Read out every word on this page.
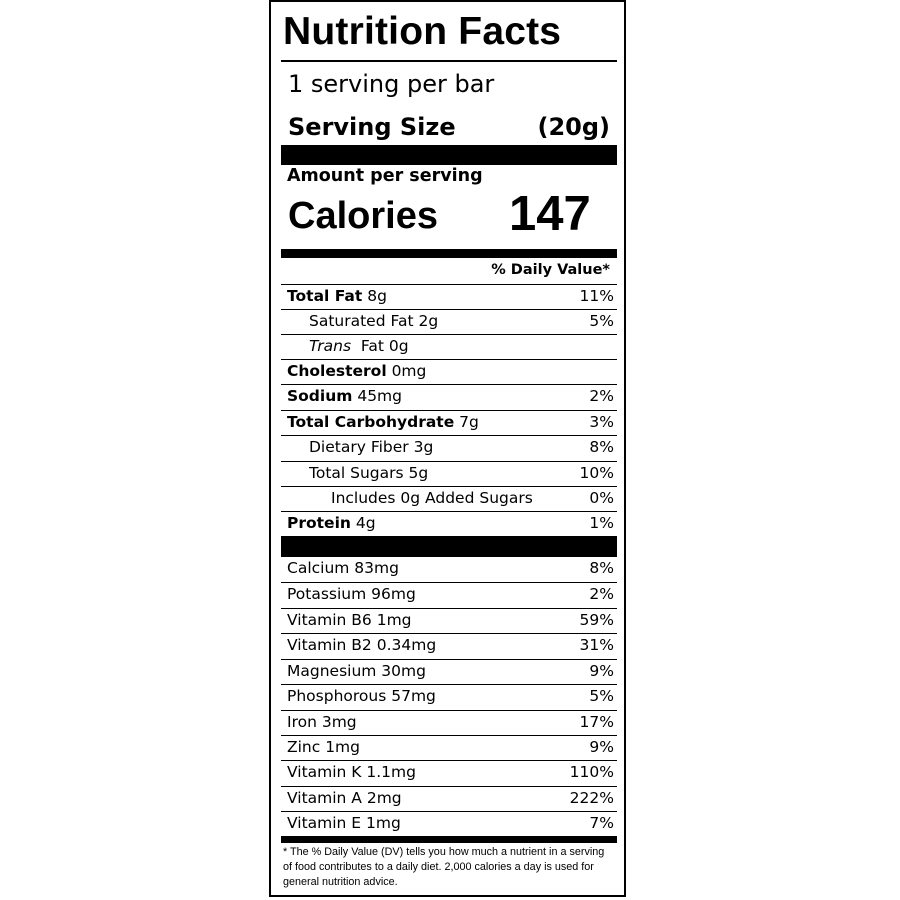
Nutrition Facts
1 serving per bar
Serving Size	(20g)
Amount per serving
Calories 147
% Daily Value*
Total Fat 8g	11%
Saturated Fat 2g	5%
Trans  Fat 0g
Cholesterol 0mg
Sodium 45mg	2%
Total Carbohydrate 7g	3%
Dietary Fiber 3g	8%
Total Sugars 5g	10%
Includes 0g Added Sugars	0%
Protein 4g	1%
Calcium 83mg	8%
Potassium 96mg	2%
Vitamin B6 1mg	59%
Vitamin B2 0.34mg	31%
Magnesium 30mg	9%
Phosphorous 57mg	5%
Iron 3mg	17%
Zinc 1mg	9%
Vitamin K 1.1mg	110%
Vitamin A 2mg	222%
Vitamin E 1mg	7%
* The % Daily Value (DV) tells you how much a nutrient in a serving of food contributes to a daily diet. 2,000 calories a day is used for general nutrition advice.
